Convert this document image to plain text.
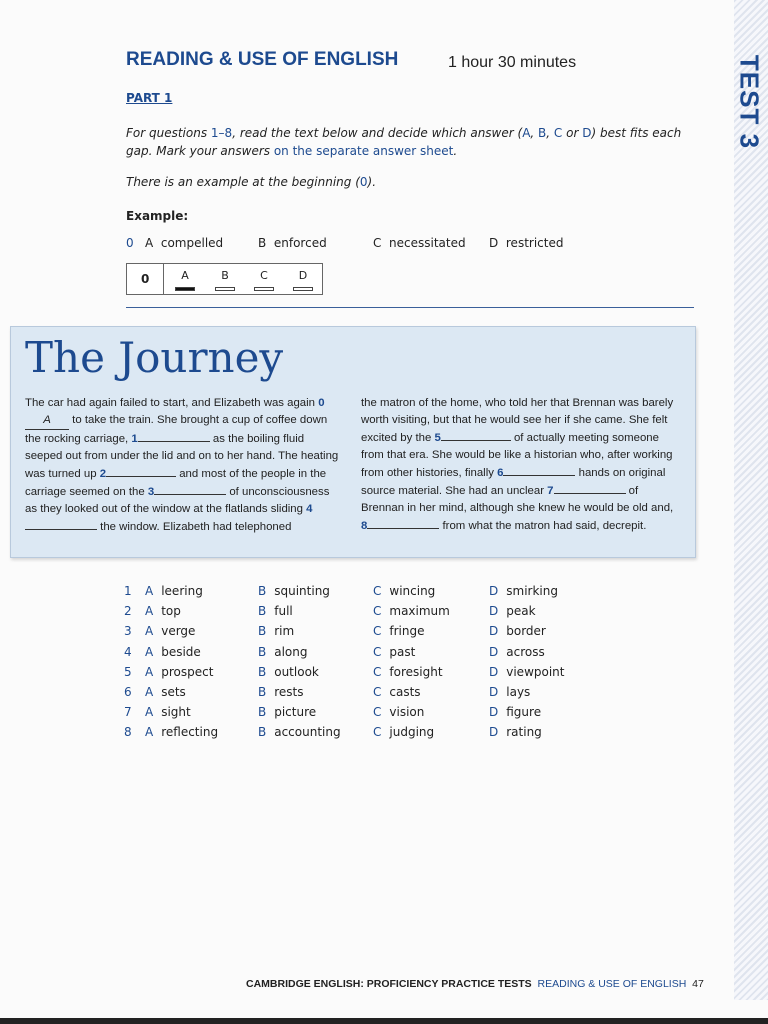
TEST 3
READING & USE OF ENGLISH	1 hour 30 minutes
PART 1
For questions 1–8, read the text below and decide which answer (A, B, C or D) best fits each gap. Mark your answers on the separate answer sheet.
There is an example at the beginning (0).
Example:
0 A compelled	B enforced	C necessitated D restricted
0	A	B	C	D
The Journey

The car had again failed to start, and Elizabeth was again 0A to take the train. She brought a cup of coffee down the rocking carriage, 1	as the boiling fluid seeped out from under the lid and on to her hand. The heating was turned up 2	and most of the people in the carriage seemed on the 3	of unconsciousness as they looked out of the window at the flatlands sliding 4 the window. Elizabeth had telephoned

the matron of the home, who told her that Brennan was barely worth visiting, but that he would see her if she came. She felt excited by the 5	of actually meeting someone from that era. She would be like a historian who, after working from other histories, finally 6	hands on original source material. She had an unclear 7	of Brennan in her mind, although she knew he would be old and, 8	from what the matron had said, decrepit.

1 A leering	B squinting	C wincing	D smirking
2 A top	B full	C maximum	D peak
3 A verge	B rim	C fringe	D border
4 A beside	B along	C past	D across
5 A prospect	B outlook	C foresight	D viewpoint
6 A sets	B rests	C casts	D lays
7 A sight	B picture	C vision	D figure
8 A reflecting	B accounting	C judging	D rating
CAMBRIDGE ENGLISH: PROFICIENCY PRACTICE TESTS READING & USE OF ENGLISH 47
